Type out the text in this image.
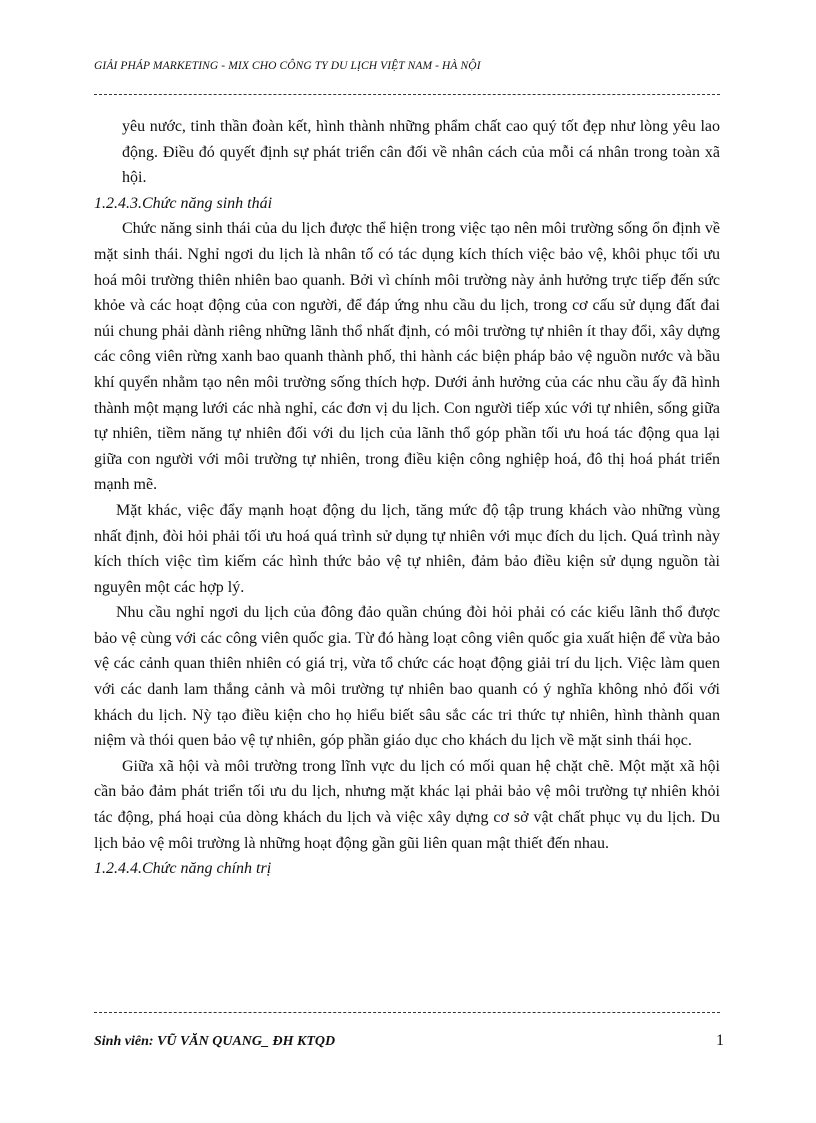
GIẢI PHÁP MARKETING - MIX CHO CÔNG TY DU LỊCH VIỆT NAM - HÀ NỘI

yêu nước, tinh thần đoàn kết, hình thành những phẩm chất cao quý tốt đẹp như lòng yêu lao động. Điều đó quyết định sự phát triển cân đối về nhân cách của mỗi cá nhân trong toàn xã hội.

1.2.4.3.Chức năng sinh thái

Chức năng sinh thái của du lịch được thể hiện trong việc tạo nên môi trường sống ổn định về mặt sinh thái. Nghỉ ngơi du lịch là nhân tố có tác dụng kích thích việc bảo vệ, khôi phục tối ưu hoá môi trường thiên nhiên bao quanh. Bởi vì chính môi trường này ảnh hưởng trực tiếp đến sức khỏe và các hoạt động của con người, để đáp ứng nhu cầu du lịch, trong cơ cấu sử dụng đất đai núi chung phải dành riêng những lãnh thổ nhất định, có môi trường tự nhiên ít thay đổi, xây dựng các công viên rừng xanh bao quanh thành phố, thi hành các biện pháp bảo vệ nguồn nước và bầu khí quyển nhằm tạo nên môi trường sống thích hợp. Dưới ảnh hưởng của các nhu cầu ấy đã hình thành một mạng lưới các nhà nghỉ, các đơn vị du lịch. Con người tiếp xúc với tự nhiên, sống giữa tự nhiên, tiềm năng tự nhiên đối với du lịch của lãnh thổ góp phần tối ưu hoá tác động qua lại giữa con người với môi trường tự nhiên, trong điều kiện công nghiệp hoá, đô thị hoá phát triển mạnh mẽ.

Mặt khác, việc đẩy mạnh hoạt động du lịch, tăng mức độ tập trung khách vào những vùng nhất định, đòi hỏi phải tối ưu hoá quá trình sử dụng tự nhiên với mục đích du lịch. Quá trình này kích thích việc tìm kiếm các hình thức bảo vệ tự nhiên, đảm bảo điều kiện sử dụng nguồn tài nguyên một các hợp lý.

Nhu cầu nghỉ ngơi du lịch của đông đảo quần chúng đòi hỏi phải có các kiểu lãnh thổ được bảo vệ cùng với các công viên quốc gia. Từ đó hàng loạt công viên quốc gia xuất hiện để vừa bảo vệ các cảnh quan thiên nhiên có giá trị, vừa tổ chức các hoạt động giải trí du lịch. Việc làm quen với các danh lam thắng cảnh và môi trường tự nhiên bao quanh có ý nghĩa không nhỏ đối với khách du lịch. Nỳ tạo điều kiện cho họ hiểu biết sâu sắc các tri thức tự nhiên, hình thành quan niệm và thói quen bảo vệ tự nhiên, góp phần giáo dục cho khách du lịch về mặt sinh thái học.

Giữa xã hội và môi trường trong lĩnh vực du lịch có mối quan hệ chặt chẽ. Một mặt xã hội cần bảo đảm phát triển tối ưu du lịch, nhưng mặt khác lại phải bảo vệ môi trường tự nhiên khỏi tác động, phá hoại của dòng khách du lịch và việc xây dựng cơ sở vật chất phục vụ du lịch. Du lịch bảo vệ môi trường là những hoạt động gần gũi liên quan mật thiết đến nhau.

1.2.4.4.Chức năng chính trị
Sinh viên: VŨ VĂN QUANG_ ĐH KTQD	1
